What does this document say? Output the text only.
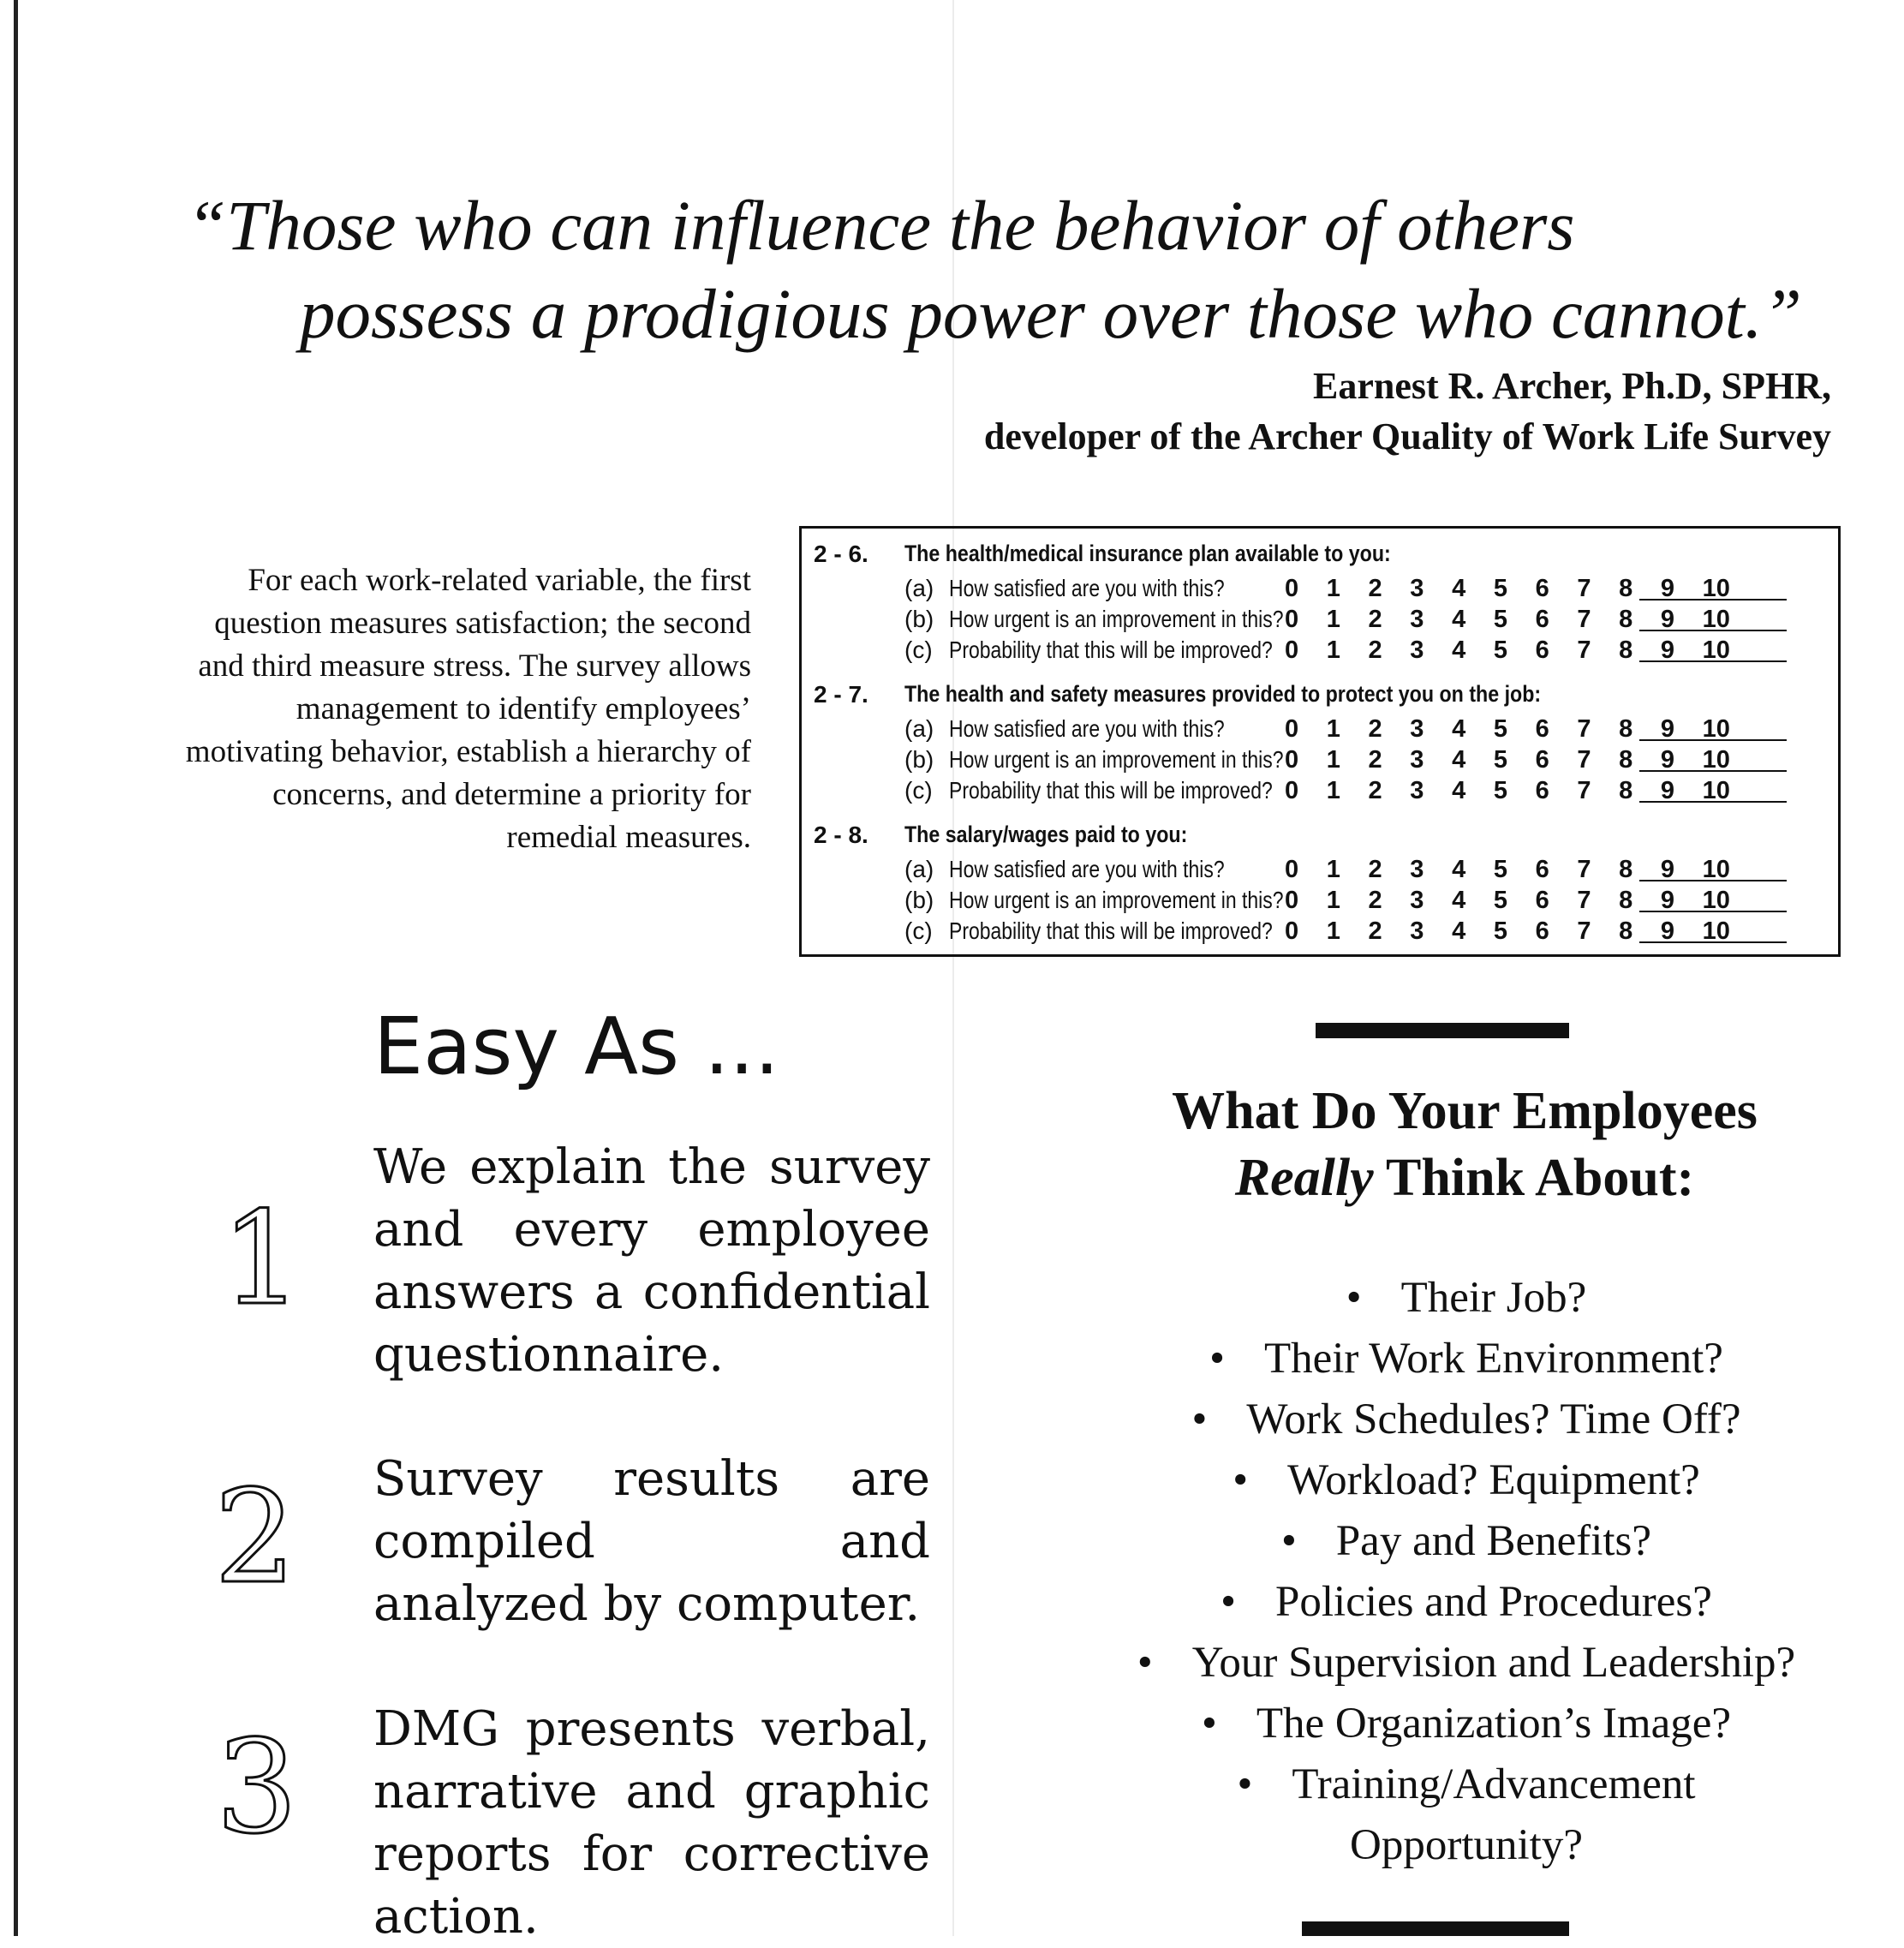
“Those who can influence the behavior of others
possess a prodigious power over those who cannot.”
Earnest R. Archer, Ph.D, SPHR,
developer of the Archer Quality of Work Life Survey
For each work-related variable, the first question measures satisfaction; the second and third measure stress. The survey allows management to identify employees’ motivating behavior, establish a hierarchy of concerns, and determine a priority for remedial measures.
2 - 6. The health/medical insurance plan available to you:
(a) How satisfied are you with this? 0 1 2 3 4 5 6 7 8 9 10
(b) How urgent is an improvement in this? 0 1 2 3 4 5 6 7 8 9 10
(c) Probability that this will be improved? 0 1 2 3 4 5 6 7 8 9 10
2 - 7. The health and safety measures provided to protect you on the job:
(a) How satisfied are you with this? 0 1 2 3 4 5 6 7 8 9 10
(b) How urgent is an improvement in this? 0 1 2 3 4 5 6 7 8 9 10
(c) Probability that this will be improved? 0 1 2 3 4 5 6 7 8 9 10
2 - 8. The salary/wages paid to you:
(a) How satisfied are you with this? 0 1 2 3 4 5 6 7 8 9 10
(b) How urgent is an improvement in this? 0 1 2 3 4 5 6 7 8 9 10
(c) Probability that this will be improved? 0 1 2 3 4 5 6 7 8 9 10
Easy As ...
1
We explain the survey and every employee answers a confidential questionnaire.
2 Survey results are compiled and analyzed by computer.
3 DMG presents verbal, narrative and graphic reports for corrective action.
What Do Your Employees
Really Think About:
• Their Job?
• Their Work Environment?
• Work Schedules? Time Off?
• Workload? Equipment?
• Pay and Benefits?
• Policies and Procedures?
• Your Supervision and Leadership?
• The Organization’s Image?
• Training/Advancement
Opportunity?
